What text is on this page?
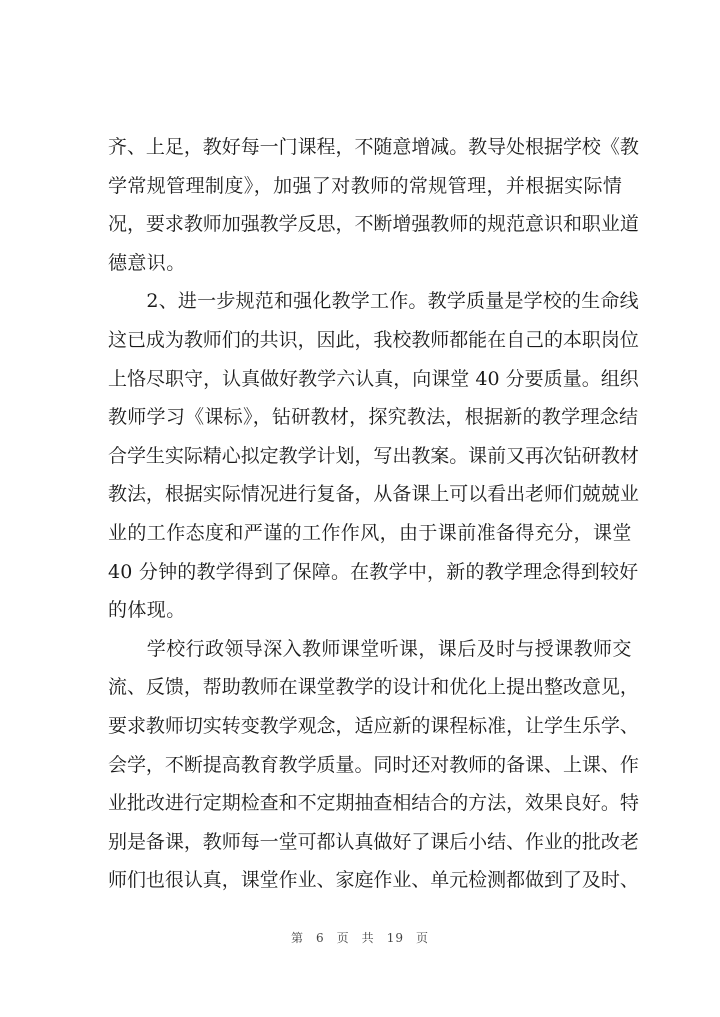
齐、上足，教好每一门课程，不随意增减。教导处根据学校《教
学常规管理制度》，加强了对教师的常规管理，并根据实际情
况，要求教师加强教学反思，不断增强教师的规范意识和职业道
德意识。
　　2、进一步规范和强化教学工作。教学质量是学校的生命线
这已成为教师们的共识，因此，我校教师都能在自己的本职岗位
上恪尽职守，认真做好教学六认真，向课堂 40 分要质量。组织
教师学习《课标》，钻研教材，探究教法，根据新的教学理念结
合学生实际精心拟定教学计划，写出教案。课前又再次钻研教材
教法，根据实际情况进行复备，从备课上可以看出老师们兢兢业
业的工作态度和严谨的工作作风，由于课前准备得充分，课堂
40 分钟的教学得到了保障。在教学中，新的教学理念得到较好
的体现。
　　学校行政领导深入教师课堂听课，课后及时与授课教师交
流、反馈，帮助教师在课堂教学的设计和优化上提出整改意见，
要求教师切实转变教学观念，适应新的课程标准，让学生乐学、
会学，不断提高教育教学质量。同时还对教师的备课、上课、作
业批改进行定期检查和不定期抽查相结合的方法，效果良好。特
别是备课，教师每一堂可都认真做好了课后小结、作业的批改老
师们也很认真，课堂作业、家庭作业、单元检测都做到了及时、
第 6 页 共 19 页
